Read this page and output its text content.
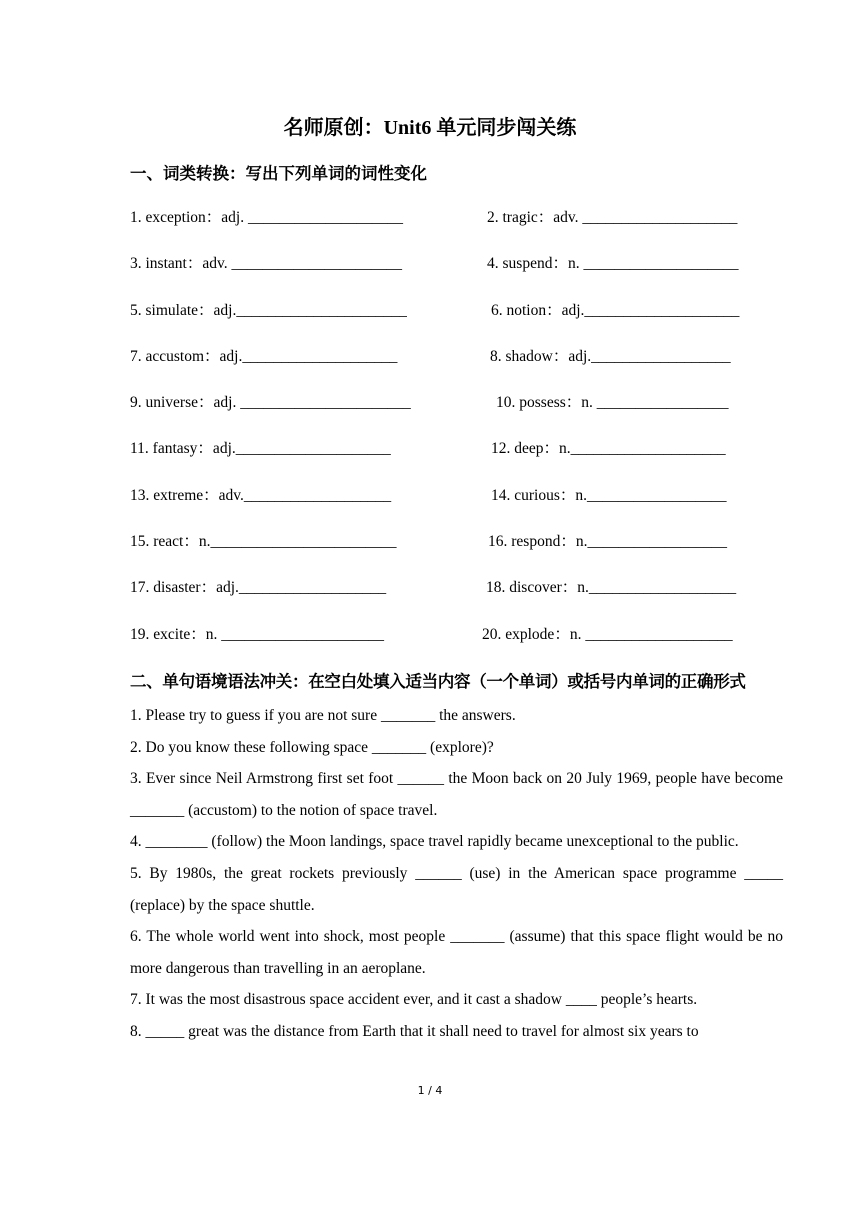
名师原创：Unit6 单元同步闯关练
一、词类转换：写出下列单词的词性变化
1. exception：adj. ____________________	2. tragic：adv. ____________________
3. instant：adv. ______________________	4. suspend：n. ____________________
5. simulate：adj.______________________	6. notion：adj.____________________
7. accustom：adj.____________________	8. shadow：adj.__________________
9. universe：adj. ______________________	10. possess：n. _________________
11. fantasy：adj.____________________	12. deep：n.____________________
13. extreme：adv.___________________	14. curious：n.__________________
15. react：n.________________________	16. respond：n.__________________
17. disaster：adj.___________________	18. discover：n.___________________
19. excite：n. _____________________	20. explode：n. ___________________
二、单句语境语法冲关：在空白处填入适当内容（一个单词）或括号内单词的正确形式

1. Please try to guess if you are not sure _______ the answers.

2. Do you know these following space _______ (explore)?

3. Ever since Neil Armstrong first set foot ______ the Moon back on 20 July 1969, people have become _______ (accustom) to the notion of space travel.

4. ________ (follow) the Moon landings, space travel rapidly became unexceptional to the public.

5. By 1980s, the great rockets previously ______ (use) in the American space programme _____ (replace) by the space shuttle.

6. The whole world went into shock, most people _______ (assume) that this space flight would be no more dangerous than travelling in an aeroplane.

7. It was the most disastrous space accident ever, and it cast a shadow ____ people’s hearts.

8. _____ great was the distance from Earth that it shall need to travel for almost six years to

1 / 4
